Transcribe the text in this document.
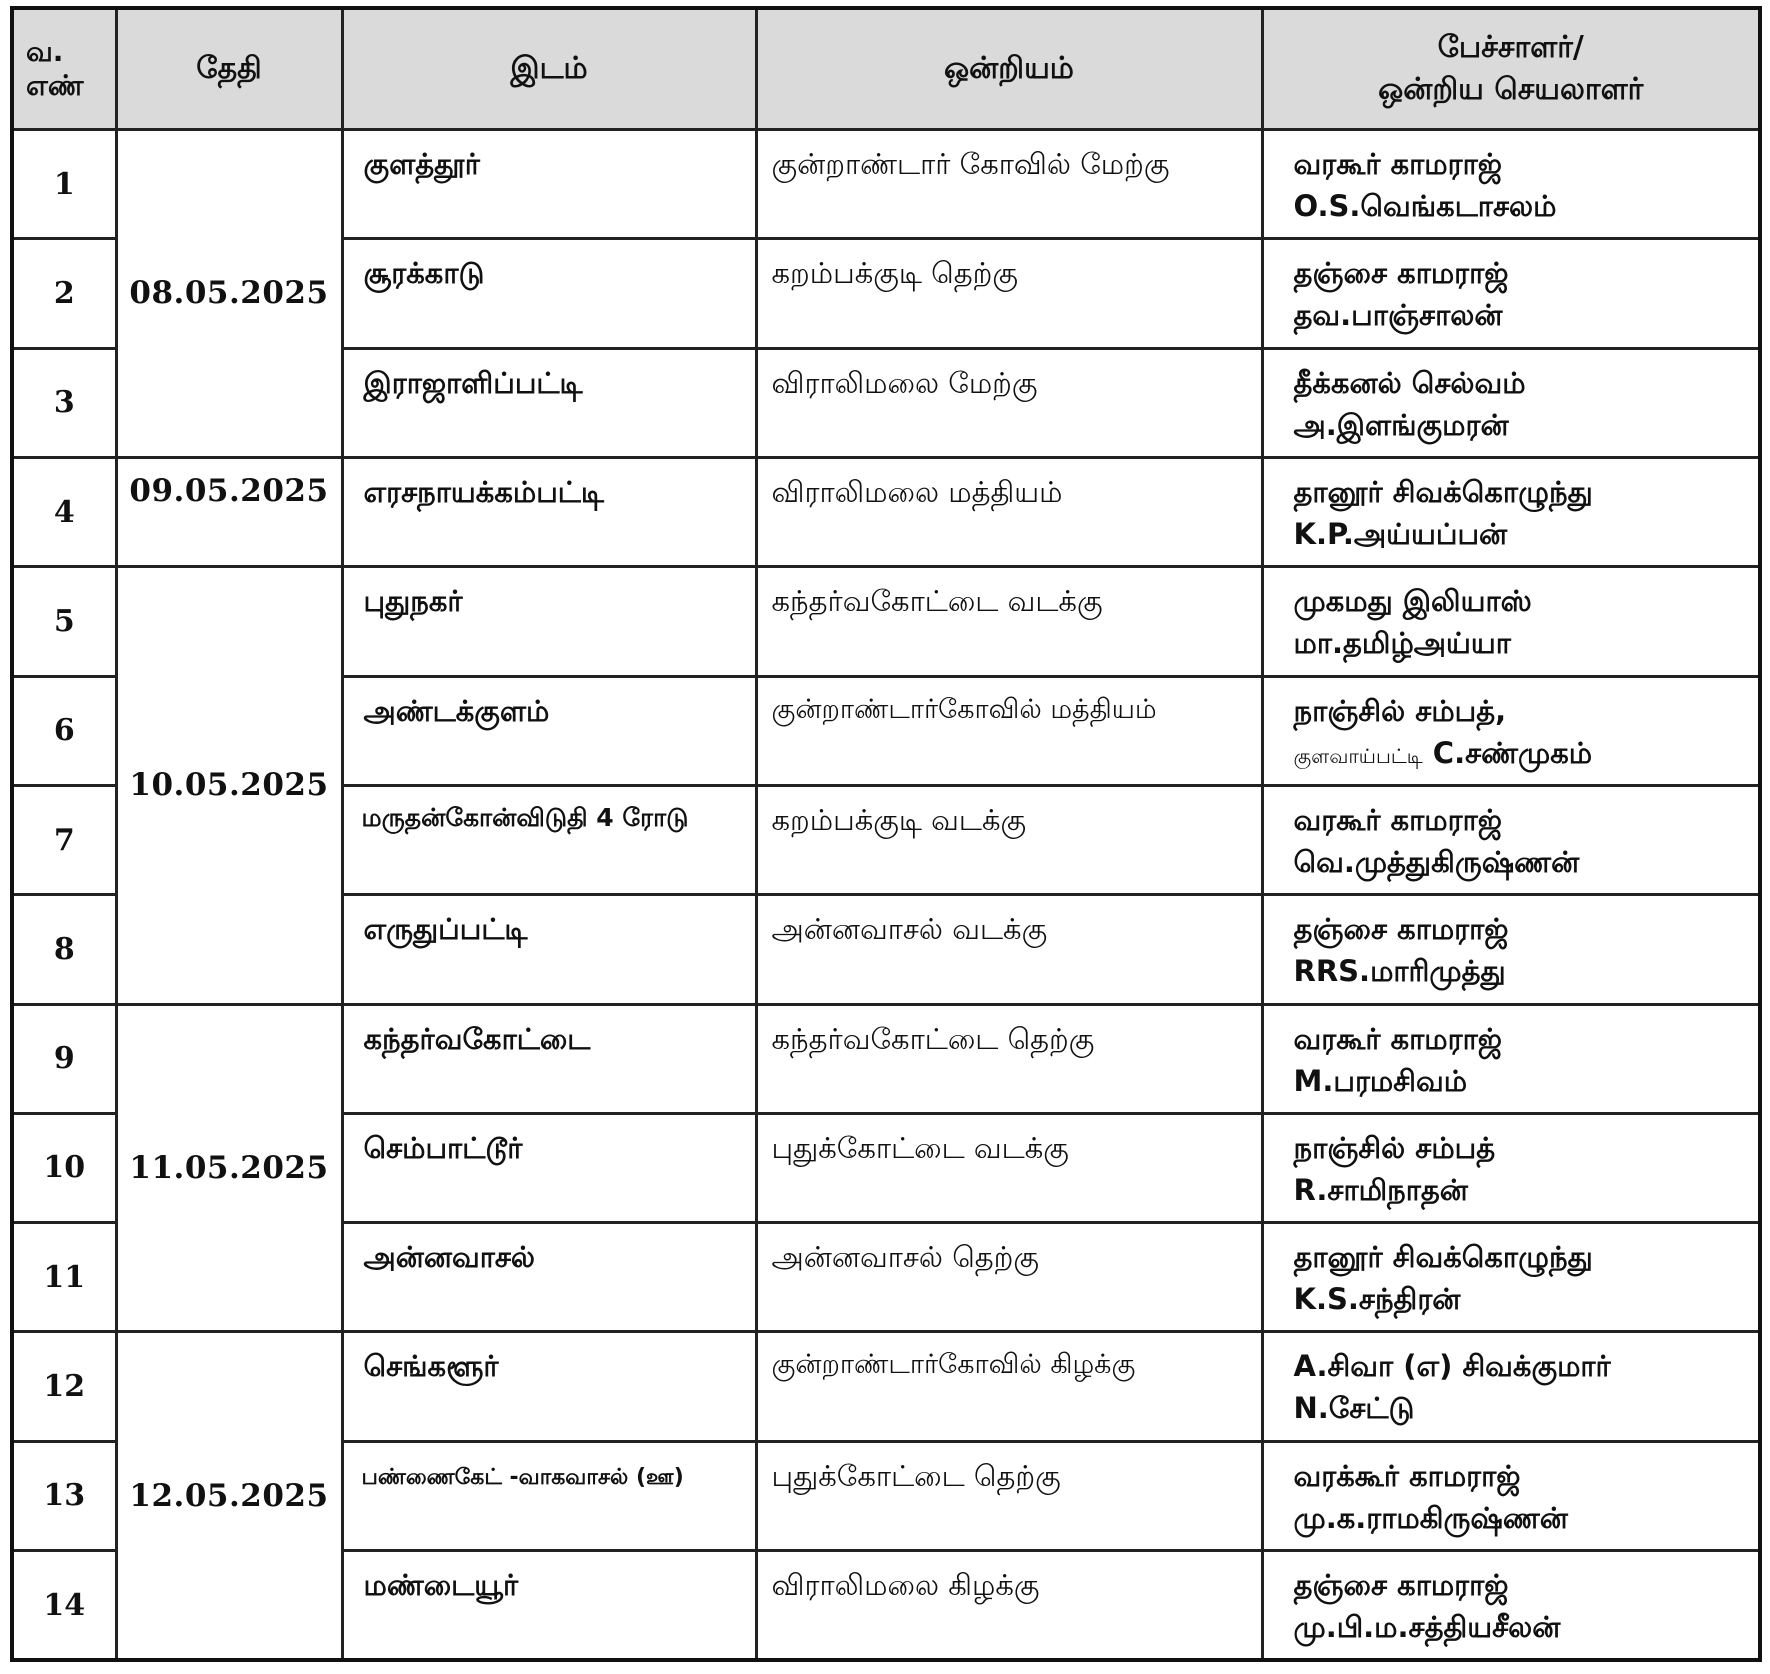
வ.
எண்	தேதி	இடம்	ஒன்றியம்	பேச்சாளர்/
ஒன்றிய செயலாளர்
1	08.05.2025	குளத்தூர்	குன்றாண்டார் கோவில் மேற்கு	வரகூர் காமராஜ்
O.S.வெங்கடாசலம்

2		சூரக்காடு	கறம்பக்குடி தெற்கு	தஞ்சை காமராஜ்
தவ.பாஞ்சாலன்

3		இராஜாளிப்பட்டி	விராலிமலை மேற்கு	தீக்கனல் செல்வம்
அ.இளங்குமரன்

4	09.05.2025	எரசநாயக்கம்பட்டி	விராலிமலை மத்தியம்	தானூர் சிவக்கொழுந்து
K.P.அய்யப்பன்

5	10.05.2025	புதுநகர்	கந்தர்வகோட்டை வடக்கு	முகமது இலியாஸ்
மா.தமிழ்அய்யா

6		அண்டக்குளம்	குன்றாண்டார்கோவில் மத்தியம்	நாஞ்சில் சம்பத்,
குளவாய்பட்டி C.சண்முகம்

7		மருதன்கோன்விடுதி 4 ரோடு	கறம்பக்குடி வடக்கு	வரகூர் காமராஜ்
வெ.முத்துகிருஷ்ணன்

8		எருதுப்பட்டி	அன்னவாசல் வடக்கு	தஞ்சை காமராஜ்
RRS.மாரிமுத்து

9	11.05.2025	கந்தர்வகோட்டை	கந்தர்வகோட்டை தெற்கு	வரகூர் காமராஜ்
M.பரமசிவம்

10		செம்பாட்டூர்	புதுக்கோட்டை வடக்கு	நாஞ்சில் சம்பத்
R.சாமிநாதன்

11		அன்னவாசல்	அன்னவாசல் தெற்கு	தானூர் சிவக்கொழுந்து
K.S.சந்திரன்

12	12.05.2025	செங்களூர்	குன்றாண்டார்கோவில் கிழக்கு	A.சிவா (எ) சிவக்குமார்
N.சேட்டு

13		பண்ணைகேட் -வாகவாசல் (ஊ)	புதுக்கோட்டை தெற்கு	வரக்கூர் காமராஜ்
மு.க.ராமகிருஷ்ணன்

14		மண்டையூர்	விராலிமலை கிழக்கு	தஞ்சை காமராஜ்
மு.பி.ம.சத்தியசீலன்
